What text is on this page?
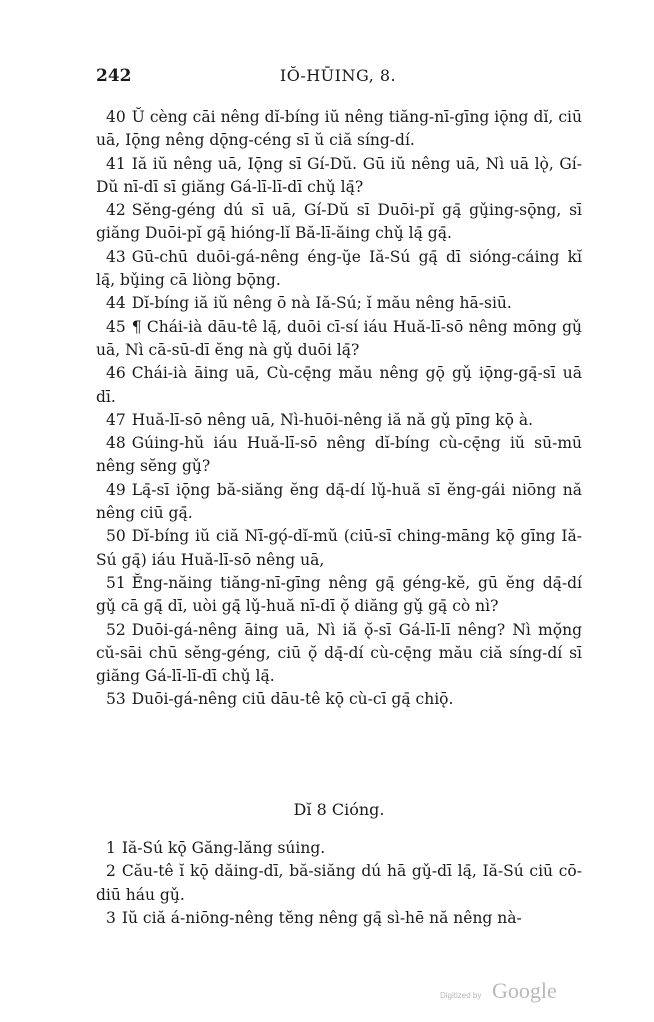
242	IŎ-HŪING, 8.

40 Ŭ cèng cāi nêng dĭ-bíng iŭ nêng tiăng-nī-gīng iǭng dĭ, ciū uā, Iǭng nêng dǭng-céng sī ŭ ciă síng-dí.

41 Iă iŭ nêng uā, Iǭng sī Gí-Dŭ. Gū iŭ nêng uā, Nì uā lǫ̀, Gí-Dŭ nī-dī sī giăng Gá-lī-lī-dī chǔ̧ lą̄?

42 Sĕng-géng dú sī uā, Gí-Dŭ sī Duōi-pĭ gą̄ gǔ̧ing-sǭng, sī giăng Duōi-pĭ gą̄ hióng-lĭ Bă-lī-ăing chǔ̧ lą̄ gą̄.

43 Gū-chū duōi-gá-nêng éng-ŭ̧e Iă-Sú gą̄ dī sióng-cáing kĭ lą̄, bǔ̧ing cā liòng bǭng.

44 Dĭ-bíng iă iŭ nêng ō nà Iă-Sú; ĭ mău nêng hā-siū.

45 ¶ Chái-ià dāu-tê lą̄, duōi cī-sí iáu Huă-lī-sō nêng mōng gǔ̧ uā, Nì cā-sū-dī ĕng nà gǔ̧ duōi lą̄?

46 Chái-ià āing uā, Cù-cę̄ng mău nêng gǭ gǔ̧ iǭng-gą̄-sī uā dī.

47 Huă-lī-sō nêng uā, Nì-huōi-nêng iă nă gǔ̧ pīng kǭ à.

48 Gúing-hŭ iáu Huă-lī-sō nêng dĭ-bíng cù-cę̄ng iŭ sū-mū nêng sĕng gǔ̧?

49 Lą̄-sī iǭng bă-siăng ĕng dą̄-dí lǔ̧-huă sī ĕng-gái niōng nă nêng ciū gą̄.

50 Dĭ-bíng iŭ ciă Nī-gǫ́-dĭ-mŭ (ciū-sī ching-māng kǭ gīng Iă-Sú gą̄) iáu Huă-lī-sō nêng uā,

51 Ĕng-năing tiăng-nī-gīng nêng gą̄ géng-kĕ, gū ĕng dą̄-dí gǔ̧ cā gą̄ dī, uòi gą̄ lǔ̧-huă nī-dī ǫ̆ diăng gǔ̧ gą̄ cò nì?

52 Duōi-gá-nêng āing uā, Nì iă ǫ̆-sī Gá-lī-lī nêng? Nì mǫ̆ng cŭ-sāi chū sĕng-géng, ciū ǫ̆ dą̄-dí cù-cę̄ng mău ciă síng-dí sī giăng Gá-lī-lī-dī chǔ̧ lą̄.

53 Duōi-gá-nêng ciū dāu-tê kǭ cù-cī gą̄ chiǭ.

Dĭ 8 Cióng.

1 Iă-Sú kǭ Găng-lăng súing.

2 Cău-tê ĭ kǭ dăing-dī, bă-siăng dú hā gǔ̧-dī lą̄, Iă-Sú ciū cō-diū háu gǔ̧.

3 Iŭ ciă á-niōng-nêng tĕng nêng gą̄ sì-hē nă nêng nà-

Digitized by Google
